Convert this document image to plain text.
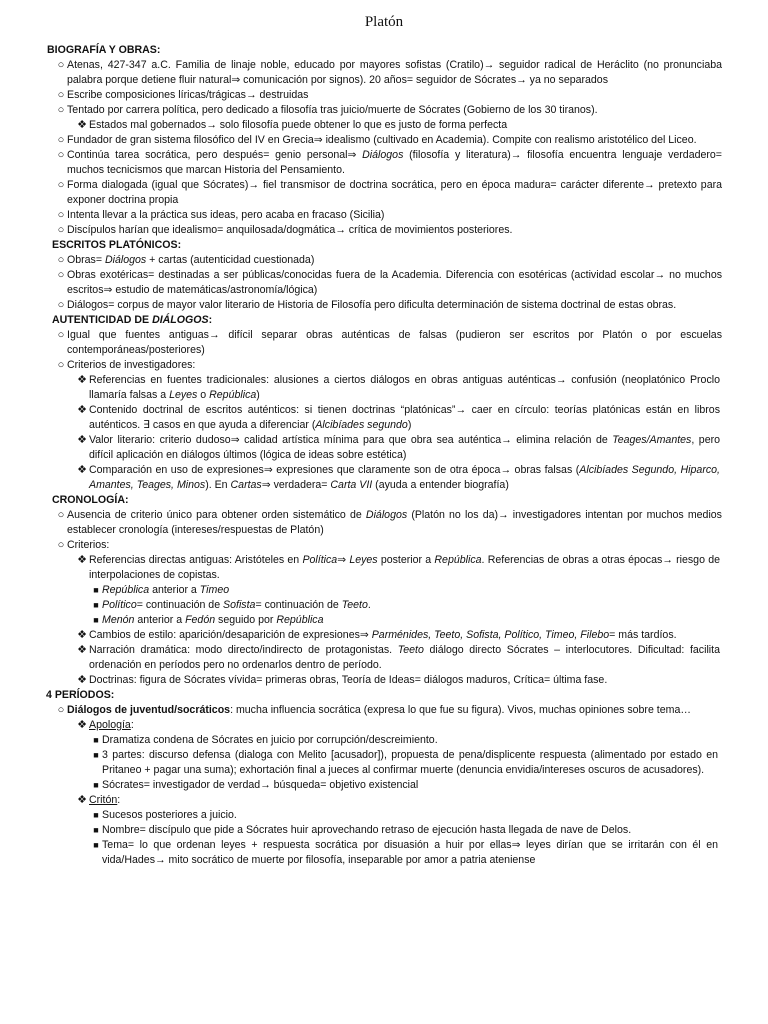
Platón
BIOGRAFÍA Y OBRAS:
○ Atenas, 427-347 a.C. Familia de linaje noble, educado por mayores sofistas (Cratilo)→ seguidor radical de Heráclito (no pronunciaba palabra porque detiene fluir natural⇒ comunicación por signos). 20 años= seguidor de Sócrates→ ya no separados
○ Escribe composiciones líricas/trágicas→ destruidas
○ Tentado por carrera política, pero dedicado a filosofía tras juicio/muerte de Sócrates (Gobierno de los 30 tiranos).
❖ Estados mal gobernados→ solo filosofía puede obtener lo que es justo de forma perfecta
○ Fundador de gran sistema filosófico del IV en Grecia⇒ idealismo (cultivado en Academia). Compite con realismo aristotélico del Liceo.
○ Continúa tarea socrática, pero después= genio personal⇒ Diálogos (filosofía y literatura)→ filosofía encuentra lenguaje verdadero= muchos tecnicismos que marcan Historia del Pensamiento.
○ Forma dialogada (igual que Sócrates)→ fiel transmisor de doctrina socrática, pero en época madura= carácter diferente→ pretexto para exponer doctrina propia
○ Intenta llevar a la práctica sus ideas, pero acaba en fracaso (Sicilia)
○ Discípulos harían que idealismo= anquilosada/dogmática→ crítica de movimientos posteriores.
ESCRITOS PLATÓNICOS:
○ Obras= Diálogos + cartas (autenticidad cuestionada)
○ Obras exotéricas= destinadas a ser públicas/conocidas fuera de la Academia. Diferencia con esotéricas (actividad escolar→ no muchos escritos⇒ estudio de matemáticas/astronomía/lógica)
○ Diálogos= corpus de mayor valor literario de Historia de Filosofía pero dificulta determinación de sistema doctrinal de estas obras.
AUTENTICIDAD DE DIÁLOGOS:
○ Igual que fuentes antiguas→ difícil separar obras auténticas de falsas (pudieron ser escritos por Platón o por escuelas contemporáneas/posteriores)
○ Criterios de investigadores:
❖ Referencias en fuentes tradicionales: alusiones a ciertos diálogos en obras antiguas auténticas→ confusión (neoplatónico Proclo llamaría falsas a Leyes o República)
❖ Contenido doctrinal de escritos auténticos: si tienen doctrinas “platónicas”→ caer en círculo: teorías platónicas están en libros auténticos. ∃ casos en que ayuda a diferenciar (Alcibíades segundo)
❖ Valor literario: criterio dudoso⇒ calidad artística mínima para que obra sea auténtica→ elimina relación de Teages/Amantes, pero difícil aplicación en diálogos últimos (lógica de ideas sobre estética)
❖ Comparación en uso de expresiones⇒ expresiones que claramente son de otra época→ obras falsas (Alcibíades Segundo, Hiparco, Amantes, Teages, Minos). En Cartas⇒ verdadera= Carta VII (ayuda a entender biografía)
CRONOLOGÍA:
○ Ausencia de criterio único para obtener orden sistemático de Diálogos (Platón no los da)→ investigadores intentan por muchos medios establecer cronología (intereses/respuestas de Platón)
○ Criterios:
❖ Referencias directas antiguas: Aristóteles en Política⇒ Leyes posterior a República. Referencias de obras a otras épocas→ riesgo de interpolaciones de copistas.
■ República anterior a Timeo
■ Político= continuación de Sofista= continuación de Teeto.
■ Menón anterior a Fedón seguido por República
❖ Cambios de estilo: aparición/desaparición de expresiones⇒ Parménides, Teeto, Sofista, Político, Timeo, Filebo= más tardíos.
❖ Narración dramática: modo directo/indirecto de protagonistas. Teeto diálogo directo Sócrates – interlocutores. Dificultad: facilita ordenación en períodos pero no ordenarlos dentro de período.
❖ Doctrinas: figura de Sócrates vívida= primeras obras, Teoría de Ideas= diálogos maduros, Crítica= última fase.
4 PERÍODOS:
○ Diálogos de juventud/socráticos: mucha influencia socrática (expresa lo que fue su figura). Vivos, muchas opiniones sobre tema…
❖ Apología:
■ Dramatiza condena de Sócrates en juicio por corrupción/descreimiento.
■ 3 partes: discurso defensa (dialoga con Melito [acusador]), propuesta de pena/displicente respuesta (alimentado por estado en Pritaneo + pagar una suma); exhortación final a jueces al confirmar muerte (denuncia envidia/intereses oscuros de acusadores).
■ Sócrates= investigador de verdad→ búsqueda= objetivo existencial
❖ Critón:
■ Sucesos posteriores a juicio.
■ Nombre= discípulo que pide a Sócrates huir aprovechando retraso de ejecución hasta llegada de nave de Delos.
■ Tema= lo que ordenan leyes + respuesta socrática por disuasión a huir por ellas⇒ leyes dirían que se irritarán con él en vida/Hades→ mito socrático de muerte por filosofía, inseparable por amor a patria ateniense
